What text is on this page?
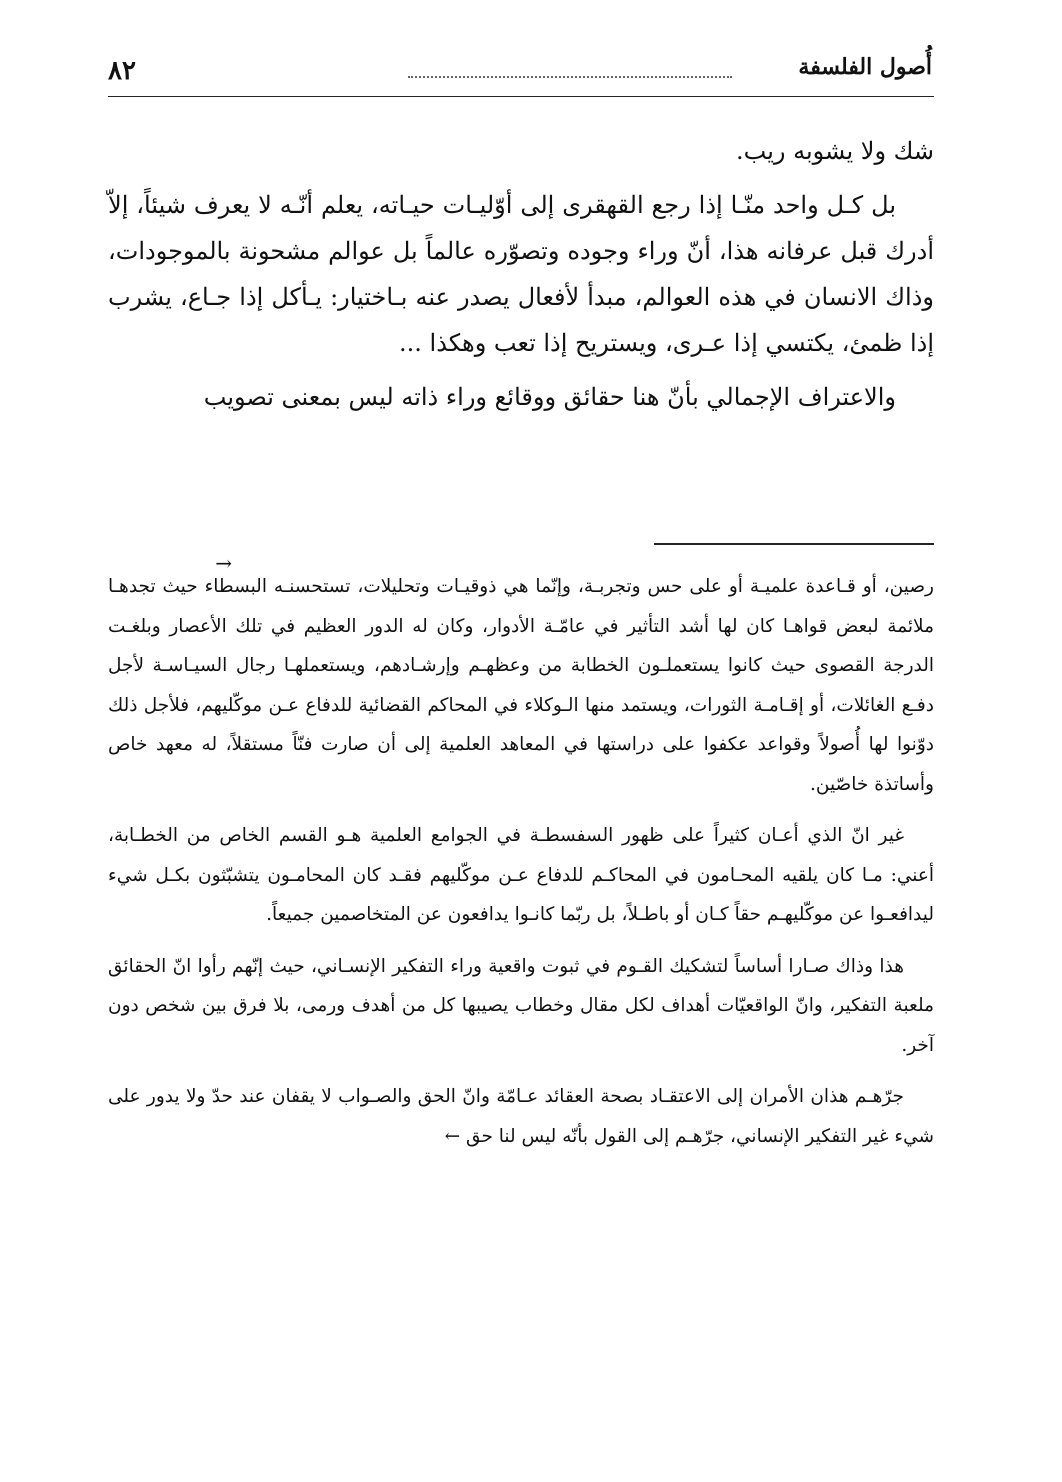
٨٢	أُصول الفلسفة

شك ولا يشوبه ريب.

بل كـل واحد منّـا إذا رجع القهقرى إلى أوّليـات حيـاته، يعلم أنّـه لا يعرف شيئاً، إلاّ أدرك قبل عرفانه هذا، أنّ وراء وجوده وتصوّره عالماً بل عوالم مشحونة بالموجودات، وذاك الانسان في هذه العوالم، مبدأ لأفعال يصدر عنه بـاختيار: يـأكل إذا جـاع، يشرب إذا ظمئ، يكتسي إذا عـرى، ويستريح إذا تعب وهكذا ...

والاعتراف الإجمالي بأنّ هنا حقائق ووقائع وراء ذاته ليس بمعنى تصويب

→

رصين، أو قـاعدة علميـة أو على حس وتجربـة، وإنّما هي ذوقيـات وتحليلات، تستحسنـه البسطاء حيث تجدهـا ملائمة لبعض قواهـا كان لها أشد التأثير في عامّـة الأدوار، وكان له الدور العظيم في تلك الأعصار وبلغـت الدرجة القصوى حيث كانوا يستعملـون الخطابة من وعظهـم وإرشـادهم، ويستعملهـا رجال السيـاسـة لأجل دفـع الغائلات، أو إقـامـة الثورات، ويستمد منها الـوكلاء في المحاكم القضائية للدفاع عـن موكّليهم، فلأجل ذلك دوّنوا لها أُصولاً وقواعد عكفوا على دراستها في المعاهد العلمية إلى أن صارت فنّاً مستقلاً، له معهد خاص وأساتذة خاصّين.

غير انّ الذي أعـان كثيراً على ظهور السفسطـة في الجوامع العلمية هـو القسم الخاص من الخطـابة، أعني: مـا كان يلقيه المحـامون في المحاكـم للدفاع عـن موكّليهم فقـد كان المحامـون يتشبّثون بكـل شيء ليدافعـوا عن موكّليهـم حقاً كـان أو باطـلاً، بل ربّما كانـوا يدافعون عن المتخاصمين جميعاً.

هذا وذاك صـارا أساساً لتشكيك القـوم في ثبوت واقعية وراء التفكير الإنسـاني، حيث إنّهم رأوا انّ الحقائق ملعبة التفكير، وانّ الواقعيّات أهداف لكل مقال وخطاب يصيبها كل من أهدف ورمى، بلا فرق بين شخص دون آخر.

جرّهـم هذان الأمران إلى الاعتقـاد بصحة العقائد عـامّة وانّ الحق والصـواب لا يقفان عند حدّ ولا يدور على شيء غير التفكير الإنساني، جرّهـم إلى القول بأنّه ليس لنا حق ←
